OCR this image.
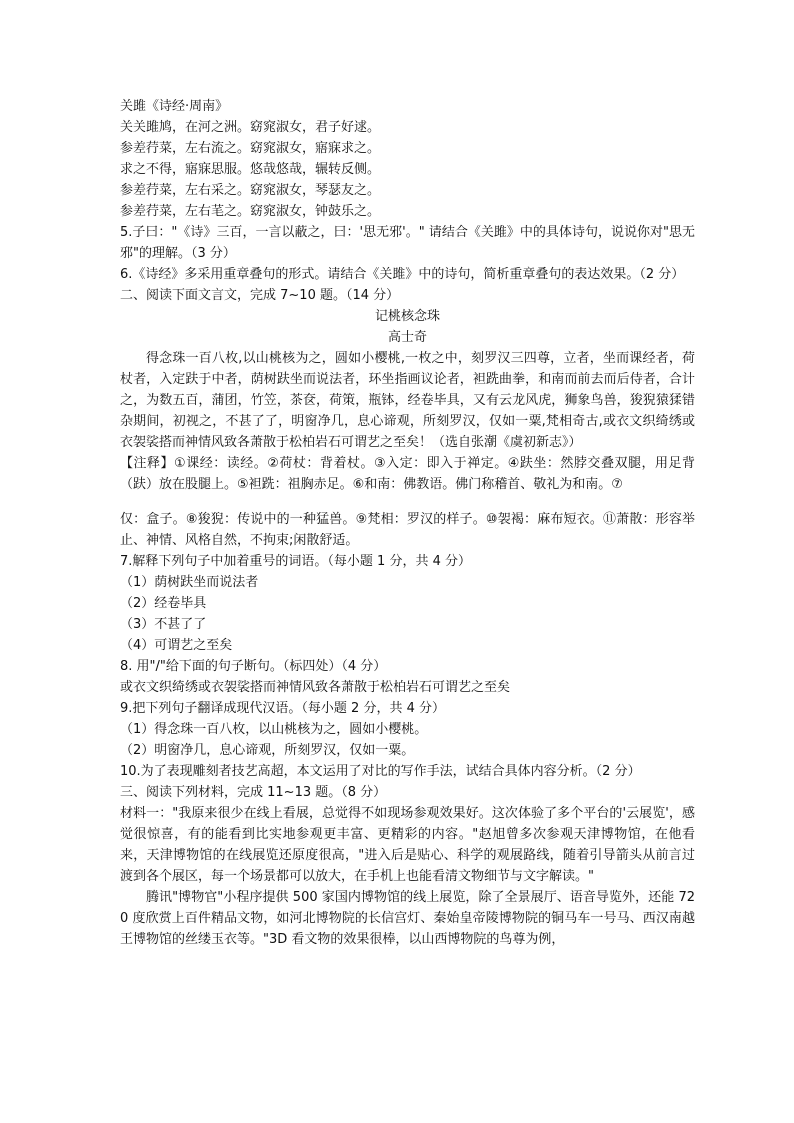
关雎《诗经·周南》
关关雎鸠，在河之洲。窈窕淑女，君子好逑。
参差荇菜，左右流之。窈窕淑女，寤寐求之。
求之不得，寤寐思服。悠哉悠哉，辗转反侧。
参差荇菜，左右采之。窈窕淑女，琴瑟友之。
参差荇菜，左右芼之。窈窕淑女，钟鼓乐之。
5.子曰："《诗》三百，一言以蔽之，曰：'思无邪'。" 请结合《关雎》中的具体诗句，说说你对"思无邪"的理解。（3 分）
6.《诗经》多采用重章叠句的形式。请结合《关雎》中的诗句，简析重章叠句的表达效果。（2 分）
二、阅读下面文言文，完成 7~10 题。（14 分）
记桃核念珠
高士奇
得念珠一百八枚,以山桃核为之，圆如小樱桃,一枚之中，刻罗汉三四尊，立者，坐而课经者，荷杖者，入定趺于中者，荫树趺坐而说法者，环坐指画议论者，袒跣曲拳，和南而前去而后侍者，合计之，为数五百，蒲团，竹笠，茶奁，荷策，瓶钵，经卷毕具，又有云龙风虎，狮象鸟兽，狻猊猿猱错杂期间，初视之，不甚了了，明窗净几，息心谛观，所刻罗汉，仅如一粟,梵相奇古,或衣文织绮绣或衣袈裟搭而神情风致各萧散于松柏岩石可谓艺之至矣！（选自张潮《虞初新志》）
【注释】①课经：读经。②荷杖：背着杖。③入定：即入于禅定。④趺坐：然脖交叠双腿，用足背（趺）放在股腿上。⑤袒跣：祖胸赤足。⑥和南：佛教语。佛门称稽首、敬礼为和南。⑦
仅：盒子。⑧狻猊：传说中的一种猛兽。⑨梵相：罗汉的样子。⑩袈褐：麻布短衣。⑪萧散：形容举止、神情、风格自然，不拘束;闲散舒适。
7.解释下列句子中加着重号的词语。（每小题 1 分，共 4 分）
（1）荫树趺坐而说法者
（2）经卷毕具
（3）不甚了了
（4）可谓艺之至矣
8. 用"/"给下面的句子断句。（标四处）（4 分）
或衣文织绮绣或衣袈裟搭而神情风致各萧散于松柏岩石可谓艺之至矣
9.把下列句子翻译成现代汉语。（每小题 2 分，共 4 分）
（1）得念珠一百八枚，以山桃核为之，圆如小樱桃。
（2）明窗净几，息心谛观，所刻罗汉，仅如一粟。
10.为了表现雕刻者技艺高超，本文运用了对比的写作手法，试结合具体内容分析。（2 分）
三、阅读下列材料，完成 11~13 题。（8 分）
材料一："我原来很少在线上看展，总觉得不如现场参观效果好。这次体验了多个平台的'云展览'，感觉很惊喜，有的能看到比实地参观更丰富、更精彩的内容。"赵旭曾多次参观天津博物馆，在他看来，天津博物馆的在线展览还原度很高，"进入后是贴心、科学的观展路线，随着引导箭头从前言过渡到各个展区，每一个场景都可以放大，在手机上也能看清文物细节与文字解读。"
腾讯"博物官"小程序提供 500 家国内博物馆的线上展览，除了全景展厅、语音导览外，还能 720 度欣赏上百件精品文物，如河北博物院的长信宫灯、秦始皇帝陵博物院的铜马车一号马、西汉南越王博物馆的丝缕玉衣等。"3D 看文物的效果很棒，以山西博物院的鸟尊为例，
